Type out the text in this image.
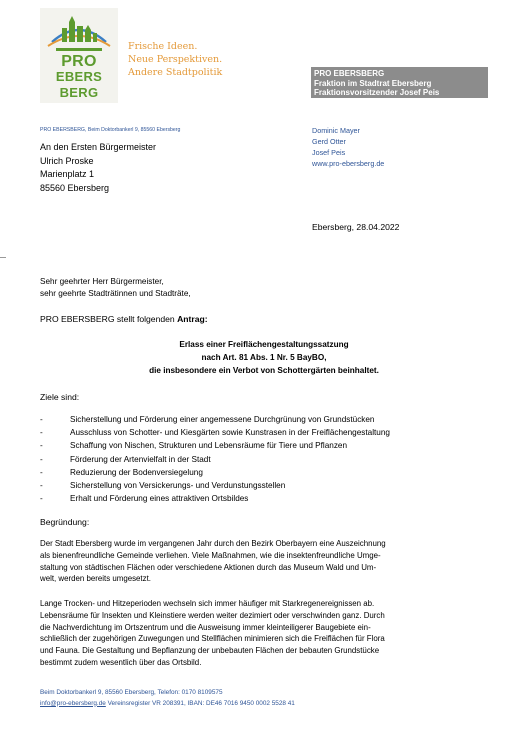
PRO
EBERS
BERG
Frische Ideen.
Neue Perspektiven.
Andere Stadtpolitik	PRO EBERSBERG
Fraktion im Stadtrat Ebersberg
Fraktionsvorsitzender Josef Peis
PRO EBERSBERG, Beim Doktorbankerl 9, 85560 Ebersberg	Dominic Mayer
Gerd Otter
Josef Peis
www.pro-ebersberg.de
An den Ersten Bürgermeister
Ulrich Proske
Marienplatz 1
85560 Ebersberg
Ebersberg, 28.04.2022
Sehr geehrter Herr Bürgermeister,
sehr geehrte Stadträtinnen und Stadträte,
PRO EBERSBERG stellt folgenden Antrag:
Erlass einer Freiflächengestaltungssatzung
nach Art. 81 Abs. 1 Nr. 5 BayBO,
die insbesondere ein Verbot von Schottergärten beinhaltet.
Ziele sind:
-	Sicherstellung und Förderung einer angemessene Durchgrünung von Grundstücken
-	Ausschluss von Schotter- und Kiesgärten sowie Kunstrasen in der Freiflächengestaltung
-	Schaffung von Nischen, Strukturen und Lebensräume für Tiere und Pflanzen
-	Förderung der Artenvielfalt in der Stadt
-	Reduzierung der Bodenversiegelung
-	Sicherstellung von Versickerungs- und Verdunstungsstellen
-	Erhalt und Förderung eines attraktiven Ortsbildes
Begründung:
Der Stadt Ebersberg wurde im vergangenen Jahr durch den Bezirk Oberbayern eine Auszeichnung
als bienenfreundliche Gemeinde verliehen. Viele Maßnahmen, wie die insektenfreundliche Umge-
staltung von städtischen Flächen oder verschiedene Aktionen durch das Museum Wald und Um-
welt, werden bereits umgesetzt.
Lange Trocken- und Hitzeperioden wechseln sich immer häufiger mit Starkregenereignissen ab.
Lebensräume für Insekten und Kleinstiere werden weiter dezimiert oder verschwinden ganz. Durch
die Nachverdichtung im Ortszentrum und die Ausweisung immer kleinteiligerer Baugebiete ein-
schließlich der zugehörigen Zuwegungen und Stellflächen minimieren sich die Freiflächen für Flora
und Fauna. Die Gestaltung und Bepflanzung der unbebauten Flächen der bebauten Grundstücke
bestimmt zudem wesentlich über das Ortsbild.
Beim Doktorbankerl 9, 85560 Ebersberg, Telefon: 0170 8109575
info@pro-ebersberg.de Vereinsregister VR 208391, IBAN: DE46 7016 9450 0002 5528 41
